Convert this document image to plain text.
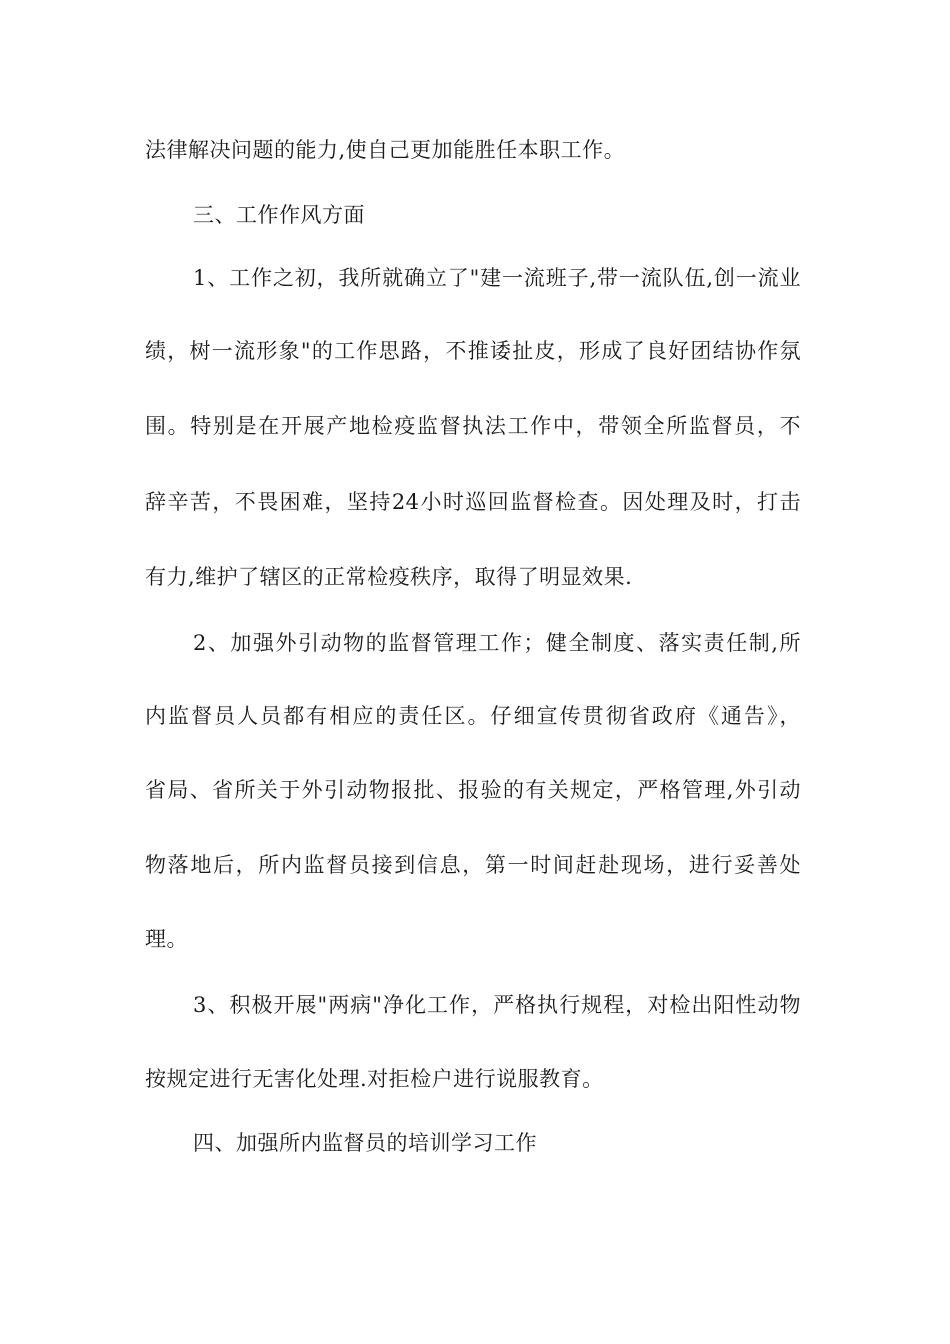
法律解决问题的能力,使自己更加能胜任本职工作。
三、工作作风方面
1、工作之初，我所就确立了"建一流班子,带一流队伍,创一流业
绩，树一流形象"的工作思路，不推诿扯皮，形成了良好团结协作氛
围。特别是在开展产地检疫监督执法工作中，带领全所监督员，不
辞辛苦，不畏困难，坚持24小时巡回监督检查。因处理及时，打击
有力,维护了辖区的正常检疫秩序，取得了明显效果.
2、加强外引动物的监督管理工作；健全制度、落实责任制,所
内监督员人员都有相应的责任区。仔细宣传贯彻省政府《通告》，
省局、省所关于外引动物报批、报验的有关规定，严格管理,外引动
物落地后，所内监督员接到信息，第一时间赶赴现场，进行妥善处
理。
3、积极开展"两病"净化工作，严格执行规程，对检出阳性动物
按规定进行无害化处理.对拒检户进行说服教育。
四、加强所内监督员的培训学习工作
